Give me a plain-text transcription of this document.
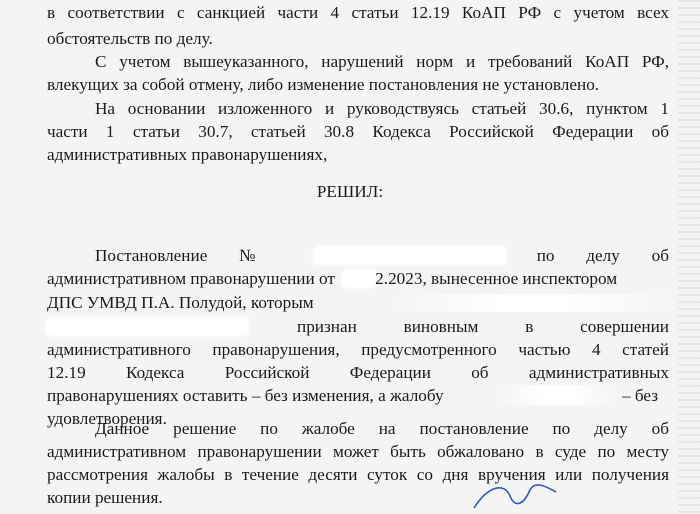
в соответствии с санкцией части 4 статьи 12.19 КоАП РФ с учетом всех
обстоятельств по делу.
С учетом вышеуказанного, нарушений норм и требований КоАП РФ,
влекущих за собой отмену, либо изменение постановления не установлено.
На основании изложенного и руководствуясь статьей 30.6, пунктом 1
части 1 статьи 30.7, статьей 30.8 Кодекса Российской Федерации об
административных правонарушениях,
РЕШИЛ:
Постановление №	по делу об
административном правонарушении от 2.2023, вынесенное инспектором
ДПС УМВД П.А. Полудой, которым
признан виновным в совершении
административного правонарушения, предусмотренного частью 4 статей
12.19 Кодекса Российской Федерации об административных
правонарушениях оставить – без изменения, а жалобу	– без
удовлетворения.
Данное решение по жалобе на постановление по делу об
административном правонарушении может быть обжаловано в суде по месту
рассмотрения жалобы в течение десяти суток со дня вручения или получения
копии решения.
